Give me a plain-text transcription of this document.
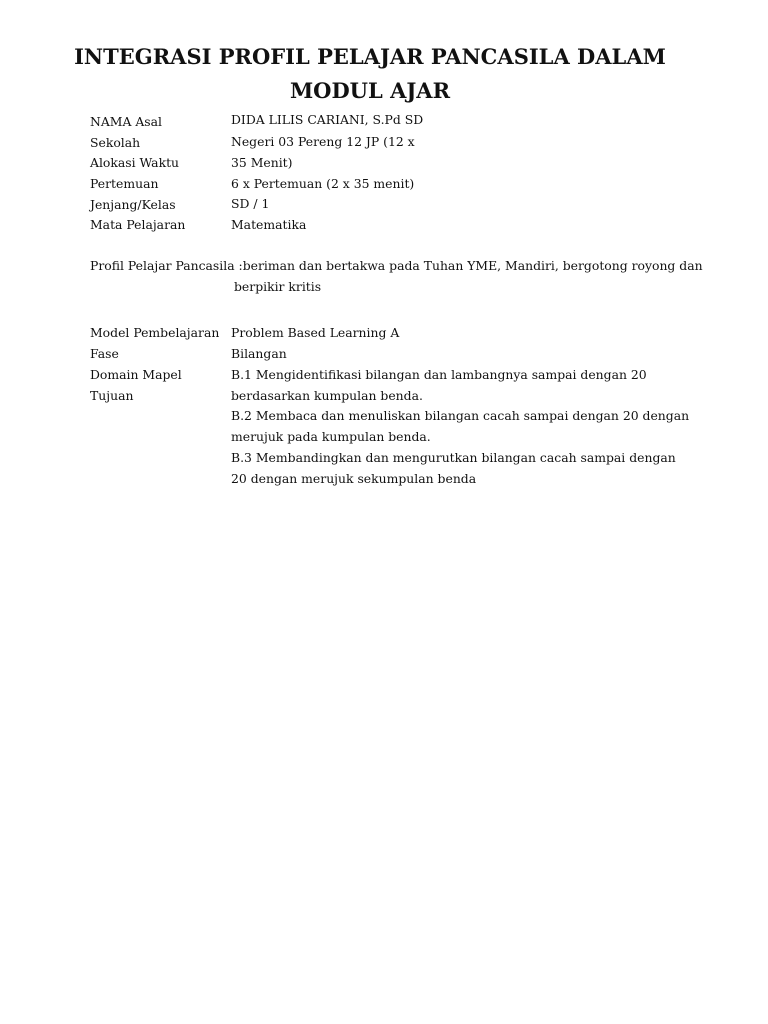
INTEGRASI PROFIL PELAJAR PANCASILA DALAM
MODUL AJAR
NAMA Asal
Sekolah
Alokasi Waktu
Pertemuan
Jenjang/Kelas
Mata Pelajaran
DIDA LILIS CARIANI, S.Pd SD
Negeri 03 Pereng 12 JP (12 x
35 Menit)
6 x Pertemuan (2 x 35 menit)
SD / 1
Matematika
Profil Pelajar Pancasila :beriman dan bertakwa pada Tuhan YME, Mandiri, bergotong royong dan
berpikir kritis
Model Pembelajaran
Fase
Domain Mapel
Tujuan
Problem Based Learning A
Bilangan
B.1 Mengidentifikasi bilangan dan lambangnya sampai dengan 20
berdasarkan kumpulan benda.
B.2 Membaca dan menuliskan bilangan cacah sampai dengan 20 dengan
merujuk pada kumpulan benda.
B.3 Membandingkan dan mengurutkan bilangan cacah sampai dengan
20 dengan merujuk sekumpulan benda
